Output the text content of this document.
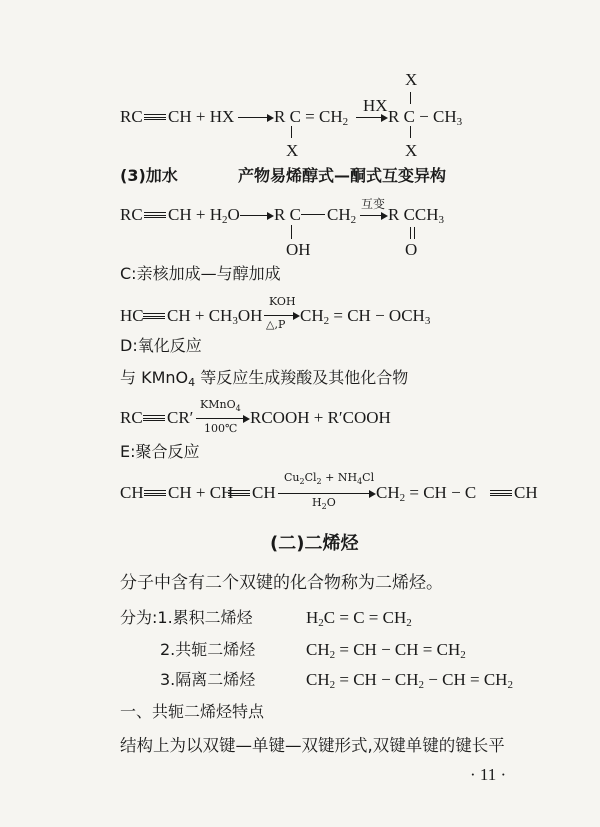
X
HX
RC CH + HX → R $C = CH_2 \to R$ $C - CH_3$
X	X
(3)加水	产物易烯醇式—酮式互变异构
互变
RC CH + $H_2O \to R$ C $CH_2 \to R$ $CCH_3$
OH	O
C:亲核加成—与醇加成
KOH
HC CH + $CH_3OH \to CH_2$ = CH − $OCH_3$
△,P
D:氧化反应
与 KMnO$_4$ 等反应生成羧酸及其他化合物
KMnO$_4$
RC CR′ → RCOOH + R′COOH
100℃
E:聚合反应
$Cu_2Cl_2 + NH_4Cl$
CH CH + CH CH	$CH_2$ = CH − C CH
$H_2O$
(二)二烯烃
分子中含有二个双键的化合物称为二烯烃。
分为:1.累积二烯烃	$H_2C = C = CH_2$
2.共轭二烯烃	$CH_2$ = CH − CH = $CH_2$
3.隔离二烯烃	$CH_2$ = CH − $CH_2$ − CH = $CH_2$
一、共轭二烯烃特点
结构上为以双键—单键—双键形式,双键单键的键长平
· 11 ·
